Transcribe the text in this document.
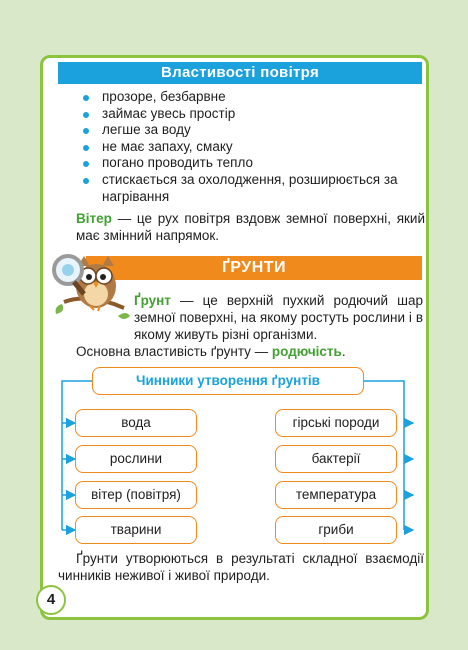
Властивості повітря
прозоре, безбарвне
займає увесь простір
легше за воду
не має запаху, смаку
погано проводить тепло
стискається за охолодження, розширюється за нагрівання

Вітер — це рух повітря вздовж земної поверхні, який має змінний напрямок.

ҐРУНТИ

Ґрунт — це верхній пухкий родючий шар земної поверхні, на якому ростуть рослини і в якому живуть різні організми.

Основна властивість ґрунту — родючість.

Чинники утворення ґрунтів
вода
рослини
вітер (повітря)
тварини
гірські породи
бактерії
температура
гриби

Ґрунти утворюються в результаті складної взаємодії чинників неживої і живої природи.

4
